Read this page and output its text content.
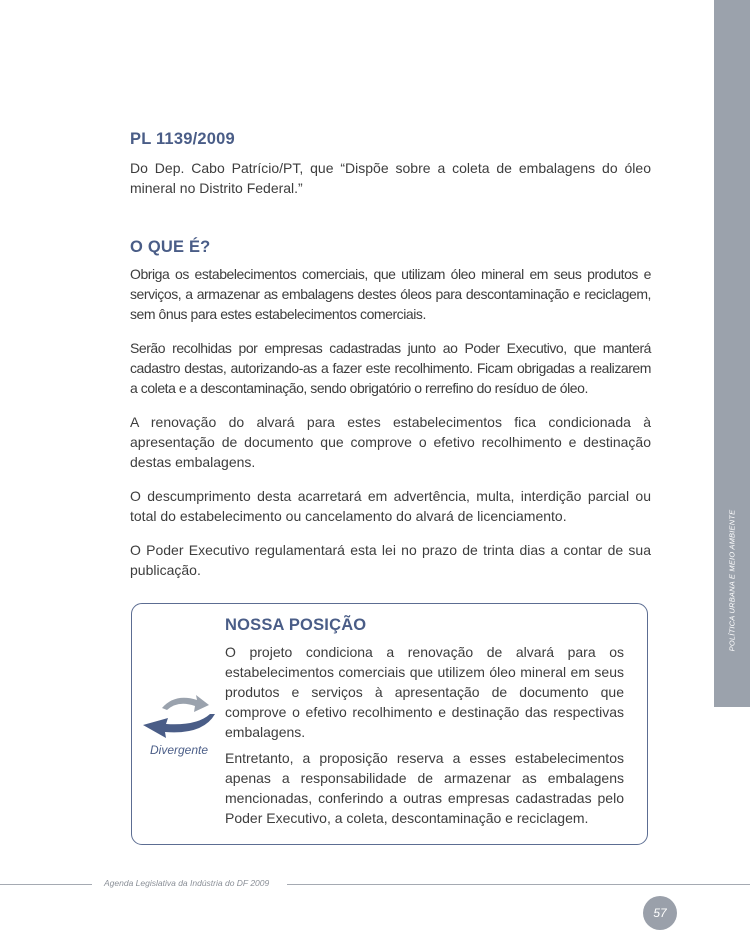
POLÍTICA URBANA E MEIO AMBIENTE
PL 1139/2009

Do Dep. Cabo Patrício/PT, que “Dispõe sobre a coleta de embalagens do óleo mineral no Distrito Federal.”

O QUE É?

Obriga os estabelecimentos comerciais, que utilizam óleo mineral em seus produtos e serviços, a armazenar as embalagens destes óleos para descontaminação e reciclagem, sem ônus para estes estabelecimentos comerciais.

Serão recolhidas por empresas cadastradas junto ao Poder Executivo, que manterá cadastro destas, autorizando-as a fazer este recolhimento. Ficam obrigadas a realizarem a coleta e a descontaminação, sendo obrigatório o rerrefino do resíduo de óleo.

A renovação do alvará para estes estabelecimentos fica condicionada à apresentação de documento que comprove o efetivo recolhimento e destinação destas embalagens.

O descumprimento desta acarretará em advertência, multa, interdição parcial ou total do estabelecimento ou cancelamento do alvará de licenciamento.

O Poder Executivo regulamentará esta lei no prazo de trinta dias a contar de sua publicação.

Divergente
NOSSA POSIÇÃO

O projeto condiciona a renovação de alvará para os estabelecimentos comerciais que utilizem óleo mineral em seus produtos e serviços à apresentação de documento que comprove o efetivo recolhimento e destinação das respectivas embalagens.

Entretanto, a proposição reserva a esses estabelecimentos apenas a responsabilidade de armazenar as embalagens mencionadas, conferindo a outras empresas cadastradas pelo Poder Executivo, a coleta, descontaminação e reciclagem.

Agenda Legislativa da Indústria do DF 2009
57
